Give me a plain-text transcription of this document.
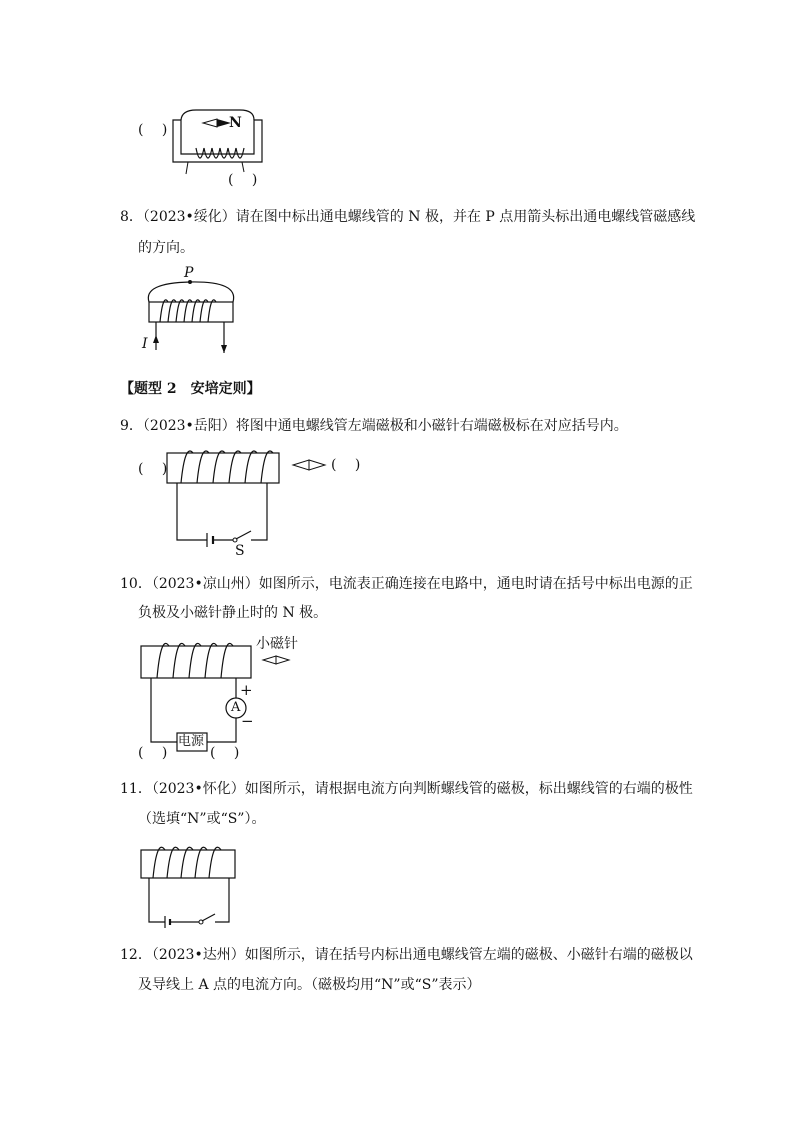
(　 )	N
(　 )
8．（2023•绥化）请在图中标出通电螺线管的 N 极，并在 P 点用箭头标出通电螺线管磁感线
的方向。
P
I
【题型 2　安培定则】
9．（2023•岳阳）将图中通电螺线管左端磁极和小磁针右端磁极标在对应括号内。
(　 )	(　 )
S
10．（2023•凉山州）如图所示，电流表正确连接在电路中，通电时请在括号中标出电源的正
负极及小磁针静止时的 N 极。
小磁针
+
−
A
电源
(　 )	(　 )
11．（2023•怀化）如图所示，请根据电流方向判断螺线管的磁极，标出螺线管的右端的极性
（选填“N”或“S”）。
12．（2023•达州）如图所示，请在括号内标出通电螺线管左端的磁极、小磁针右端的磁极以
及导线上 A 点的电流方向。（磁极均用“N”或“S”表示）
